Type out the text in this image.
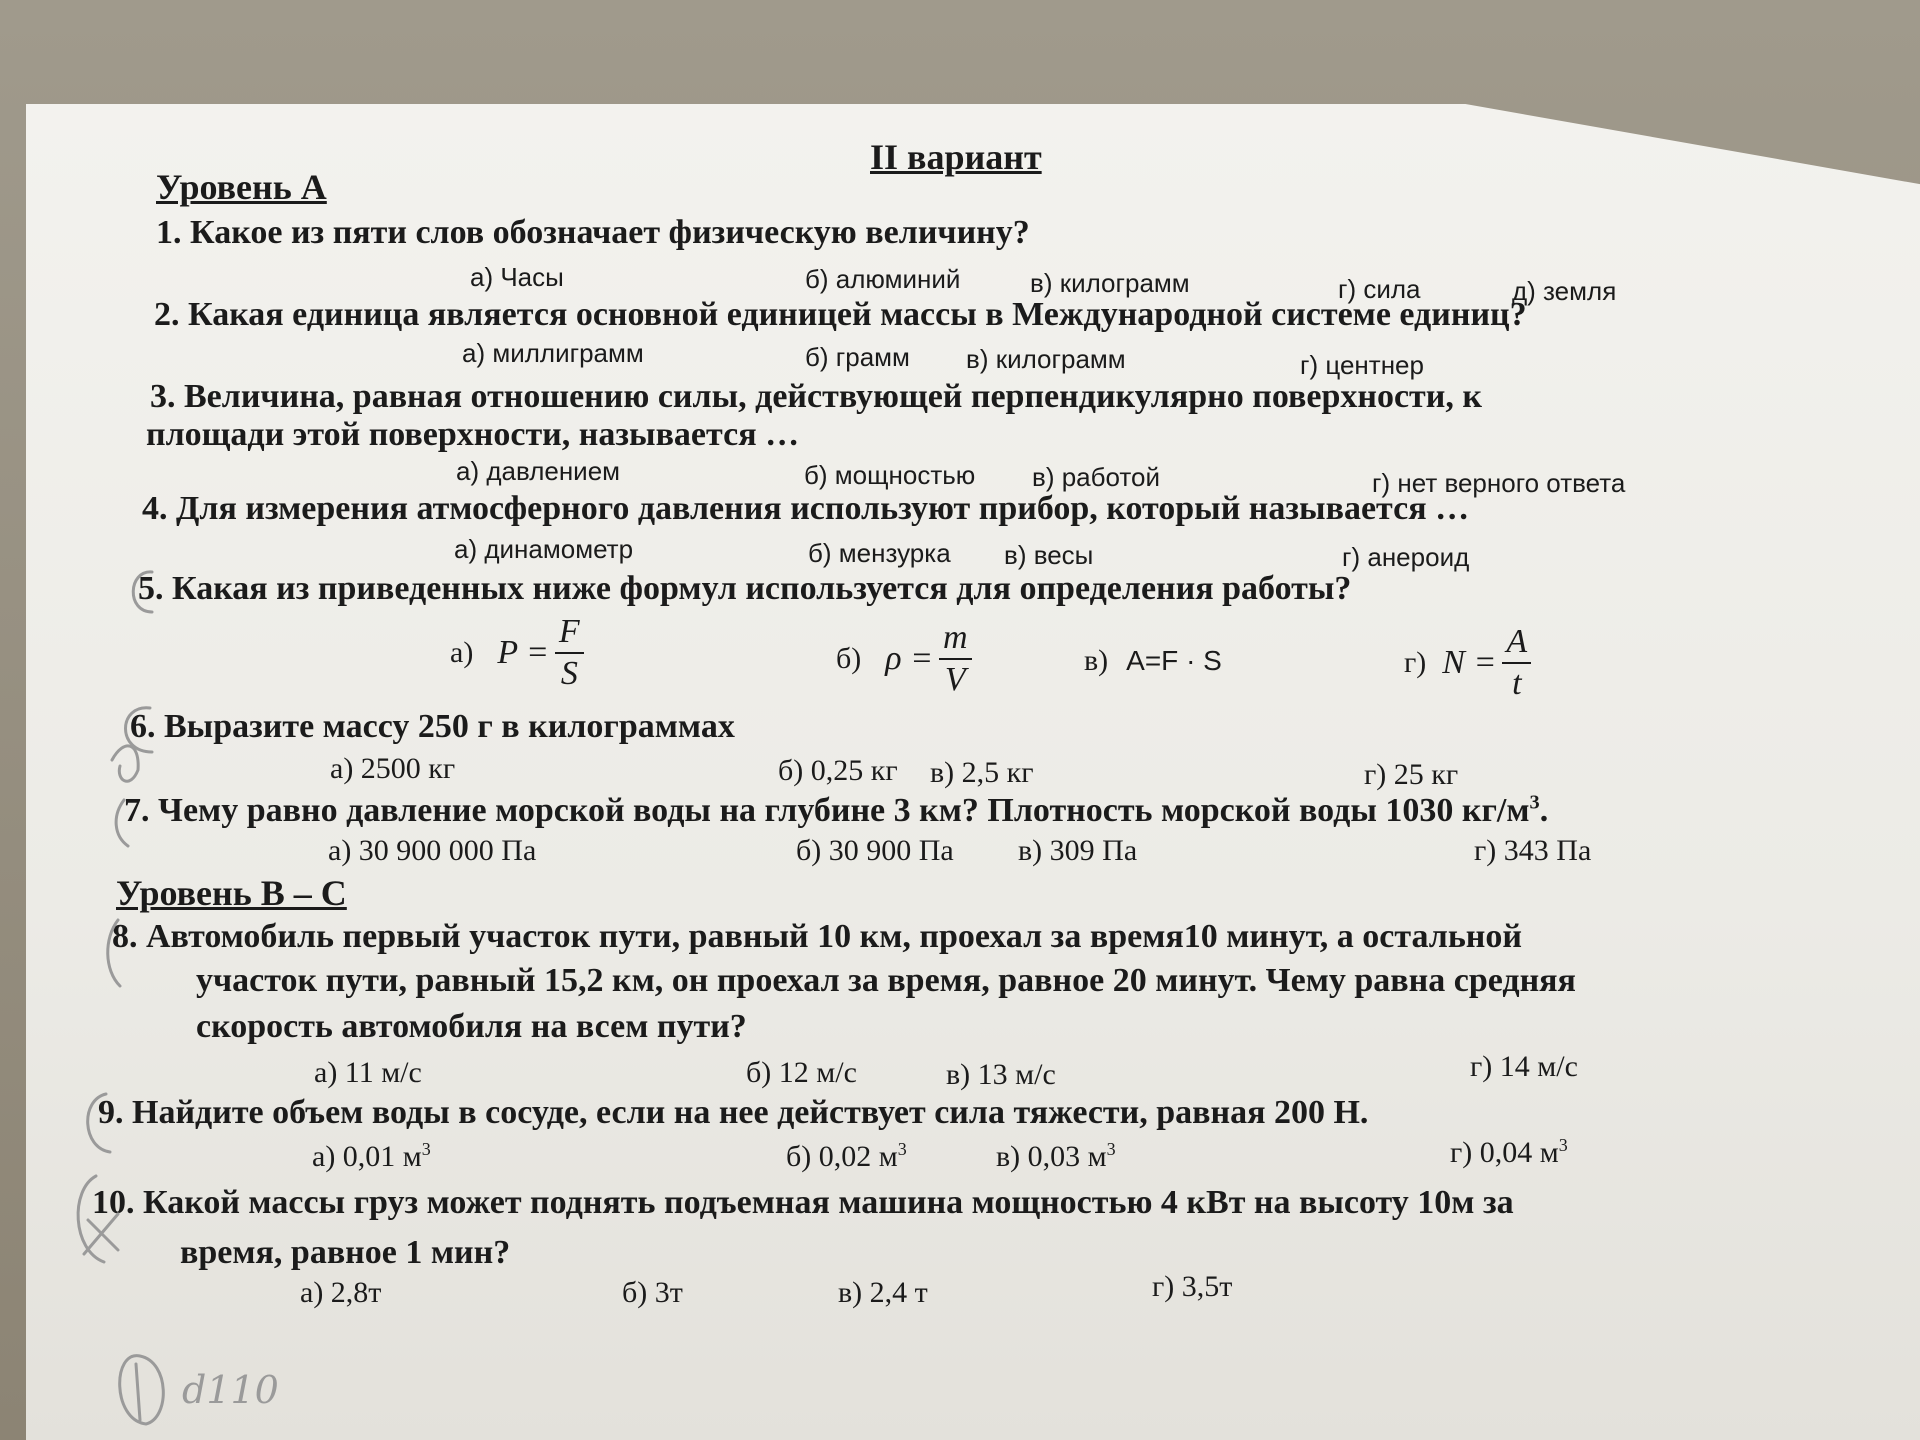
II вариант
Уровень А
1. Какое из пяти слов обозначает физическую величину?
а) Часы	б) алюминий	в) килограмм	г) сила	д) земля
2. Какая единица является основной единицей массы в Международной системе единиц?
а) миллиграмм	б) грамм в) килограмм	г) центнер
3. Величина, равная отношению силы, действующей перпендикулярно поверхности, к
площади этой поверхности, называется …
а) давлением	б) мощностью в) работой	г) нет верного ответа
4. Для измерения атмосферного давления используют прибор, который называется …
а) динамометр	б) мензурка в) весы	г) анероид
5. Какая из приведенных ниже формул используется для определения работы?
а) $P = \frac{F}{S}$	б) $\rho = \frac{m}{V}$	в) A=F · S	г) $N = \frac{A}{t}$
6. Выразите массу 250 г в килограммах
а) 2500 кг	б) 0,25 кг в) 2,5 кг	г) 25 кг
7. Чему равно давление морской воды на глубине 3 км? Плотность морской воды 1030 $кг/м^3$.
а) 30 900 000 Па	б) 30 900 Па в) 309 Па	г) 343 Па
Уровень В – С
8. Автомобиль первый участок пути, равный 10 км, проехал за время10 минут, а остальной
участок пути, равный 15,2 км, он проехал за время, равное 20 минут. Чему равна средняя
скорость автомобиля на всем пути?
а) 11 м/с	б) 12 м/с	в) 13 м/с	г) 14 м/с
9. Найдите объем воды в сосуде, если на нее действует сила тяжести, равная 200 Н.
а) 0,01 $м^3$	б) 0,02 $м^3$	в) 0,03 $м^3$	г) 0,04 $м^3$
10. Какой массы груз может поднять подъемная машина мощностью 4 кВт на высоту 10м за
время, равное 1 мин?
а) 2,8т	б) 3т	в) 2,4 т	г) 3,5т
d110
